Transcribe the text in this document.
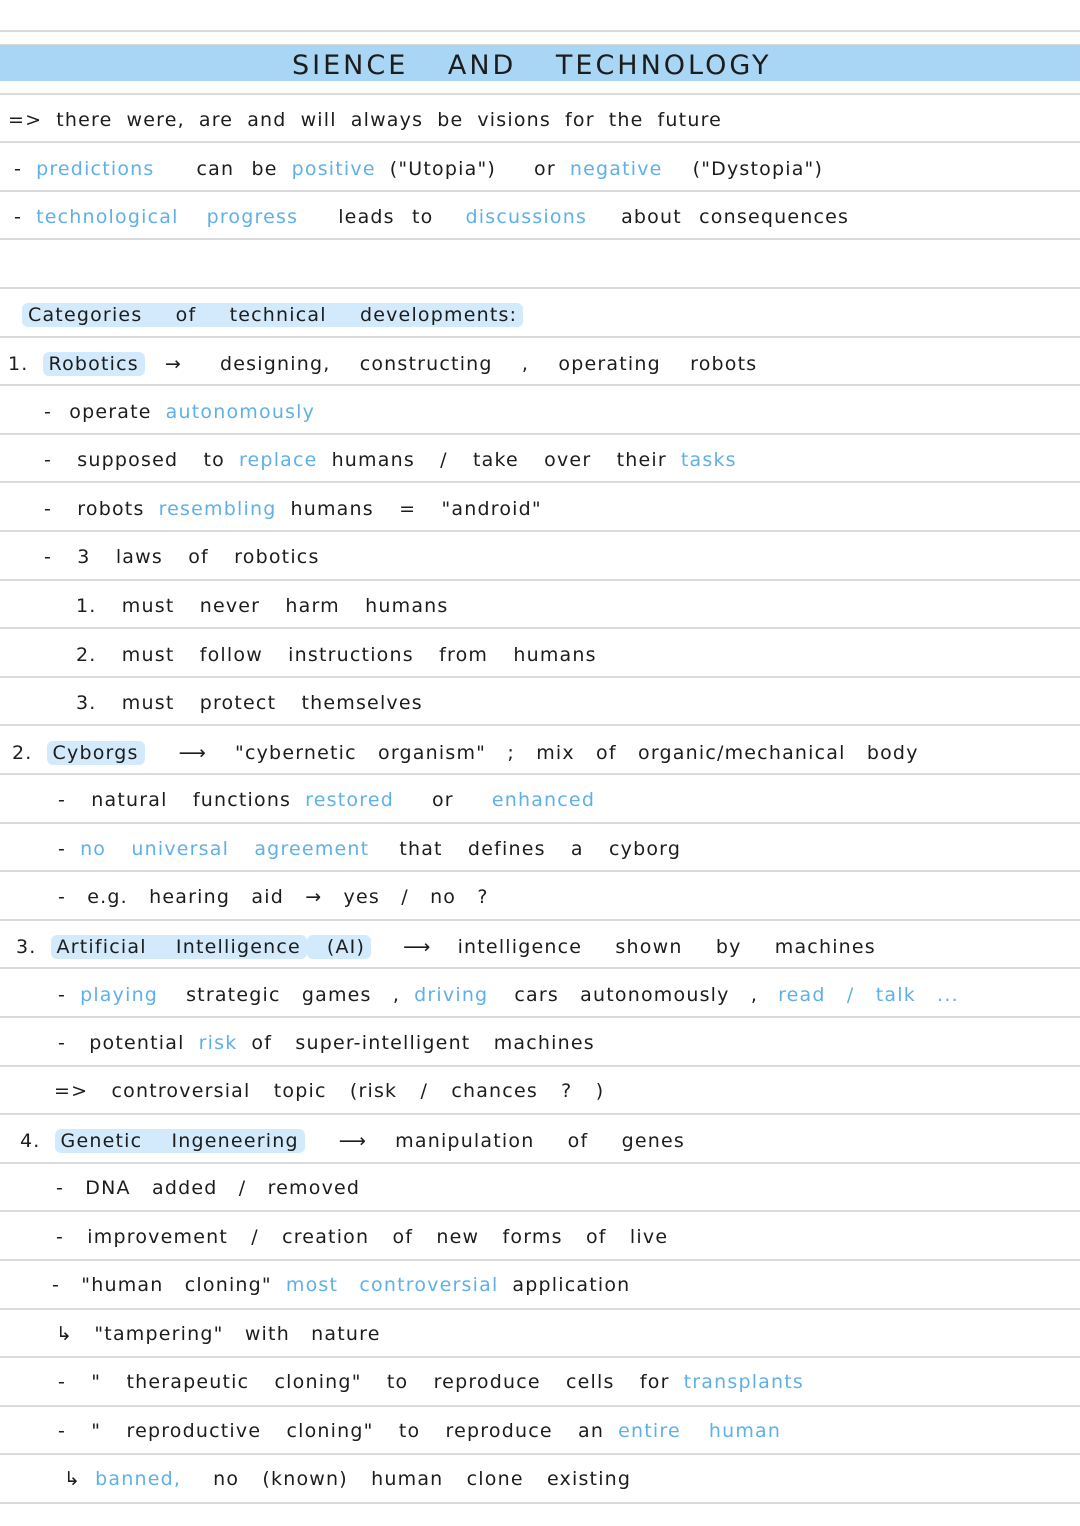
SIENCE AND TECHNOLOGY
=> there were, are and will always be visions for the future
- predictions can be positive ("Utopia") or negative ("Dystopia")
- technological progress leads to discussions about consequences
Categories of technical developments:
1. Robotics → designing, constructing , operating robots
- operate autonomously
- supposed to replace humans / take over their tasks
- robots resembling humans = "android"
- 3 laws of robotics
1. must never harm humans
2. must follow instructions from humans
3. must protect themselves
2. Cyborgs ⟶ "cybernetic organism" ; mix of organic/mechanical body
- natural functions restored or enhanced
- no universal agreement that defines a cyborg
- e.g. hearing aid → yes / no ?
3. Artificial Intelligence (AI) ⟶ intelligence shown by machines
- playing strategic games , driving cars autonomously , read / talk ...
- potential risk of super-intelligent machines
=> controversial topic (risk / chances ? )
4. Genetic Ingeneering ⟶ manipulation of genes
- DNA added / removed
- improvement / creation of new forms of live
- "human cloning" most controversial application
↳ "tampering" with nature
- " therapeutic cloning" to reproduce cells for transplants
- " reproductive cloning" to reproduce an entire human
↳ banned, no (known) human clone existing
